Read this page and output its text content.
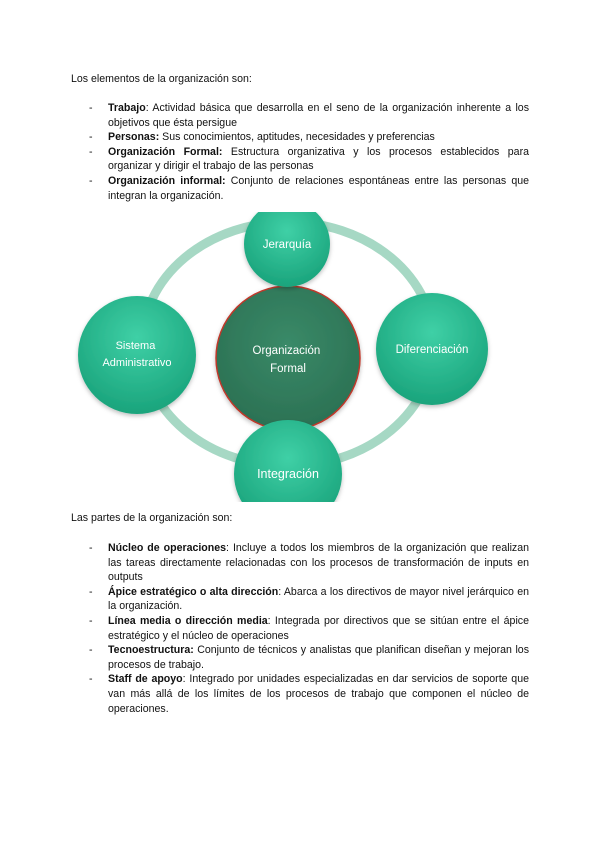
Los elementos de la organización son:

- Trabajo: Actividad básica que desarrolla en el seno de la organización inherente a los objetivos que ésta persigue
- Personas: Sus conocimientos, aptitudes, necesidades y preferencias
- Organización Formal: Estructura organizativa y los procesos establecidos para organizar y dirigir el trabajo de las personas
- Organización informal: Conjunto de relaciones espontáneas entre las personas que integran la organización.
Organización Formal
Jerarquía
Diferenciación
Integración
Sistema Administrativo

Las partes de la organización son:

- Núcleo de operaciones: Incluye a todos los miembros de la organización que realizan las tareas directamente relacionadas con los procesos de transformación de inputs en outputs
- Ápice estratégico o alta dirección: Abarca a los directivos de mayor nivel jerárquico en la organización.
- Línea media o dirección media: Integrada por directivos que se sitúan entre el ápice estratégico y el núcleo de operaciones
- Tecnoestructura: Conjunto de técnicos y analistas que planifican diseñan y mejoran los procesos de trabajo.
- Staff de apoyo: Integrado por unidades especializadas en dar servicios de soporte que van más allá de los límites de los procesos de trabajo que componen el núcleo de operaciones.
